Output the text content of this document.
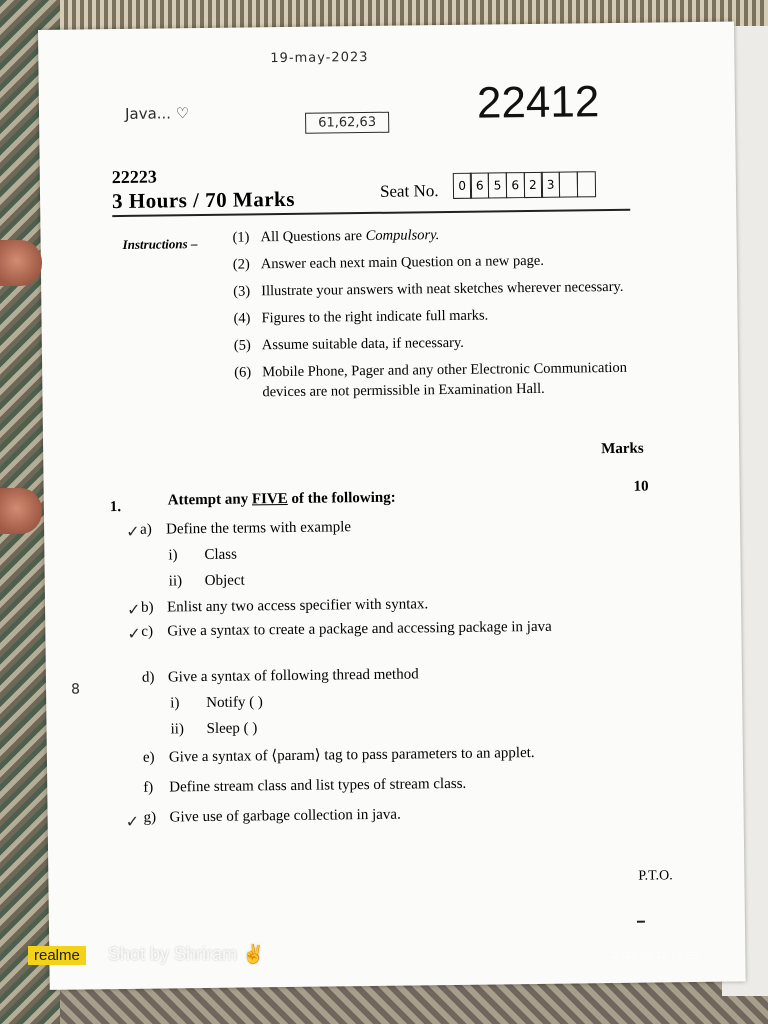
19-may-2023
Java... ♡
61,62,63 22412
22223
3 Hours / 70 Marks	Seat No.	0 6 5 6 2 3
Instructions – (1) All Questions are Compulsory.
(2) Answer each next main Question on a new page.
(3) Illustrate your answers with neat sketches wherever necessary.
(4) Figures to the right indicate full marks.
(5) Assume suitable data, if necessary.
(6) Mobile Phone, Pager and any other Electronic Communication devices are not permissible in Examination Hall.
Marks
10
1.	Attempt any FIVE of the following:
8
✓ a) Define the terms with example
i)	Class
ii)	Object
✓ b) Enlist any two access specifier with syntax.
✓ c) Give a syntax to create a package and accessing package in java
d) Give a syntax of following thread method
i)	Notify ( )
ii)	Sleep ( )
e) Give a syntax of ⟨param⟩ tag to pass parameters to an applet.
f)	Define stream class and list types of stream class.
✓ g) Give use of garbage collection in java.
P.T.O.
realme	Shot by Shriram ✌	2023.05.31 19:39
